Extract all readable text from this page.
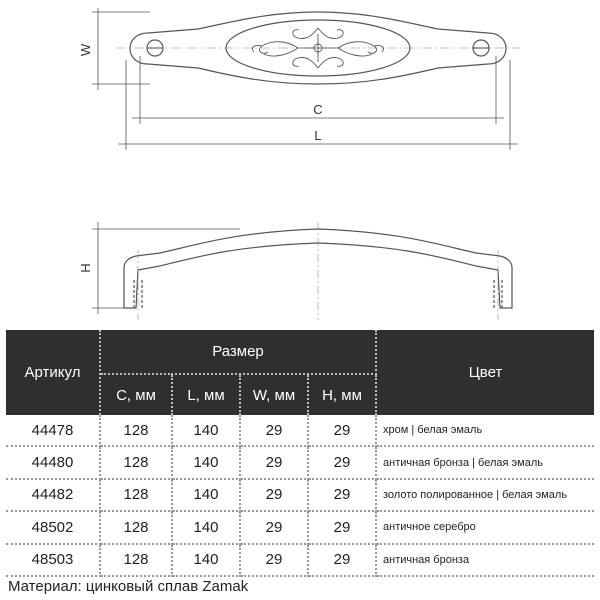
W
C
L
H
Артикул	Размер				Цвет
	C, мм	L, мм	W, мм	H, мм	
44478	128	140	29	29	хром | белая эмаль
44480	128	140	29	29	античная бронза | белая эмаль
44482	128	140	29	29	золото полированное | белая эмаль
48502	128	140	29	29	античное серебро
48503	128	140	29	29	античная бронза
Материал: цинковый сплав Zamak
